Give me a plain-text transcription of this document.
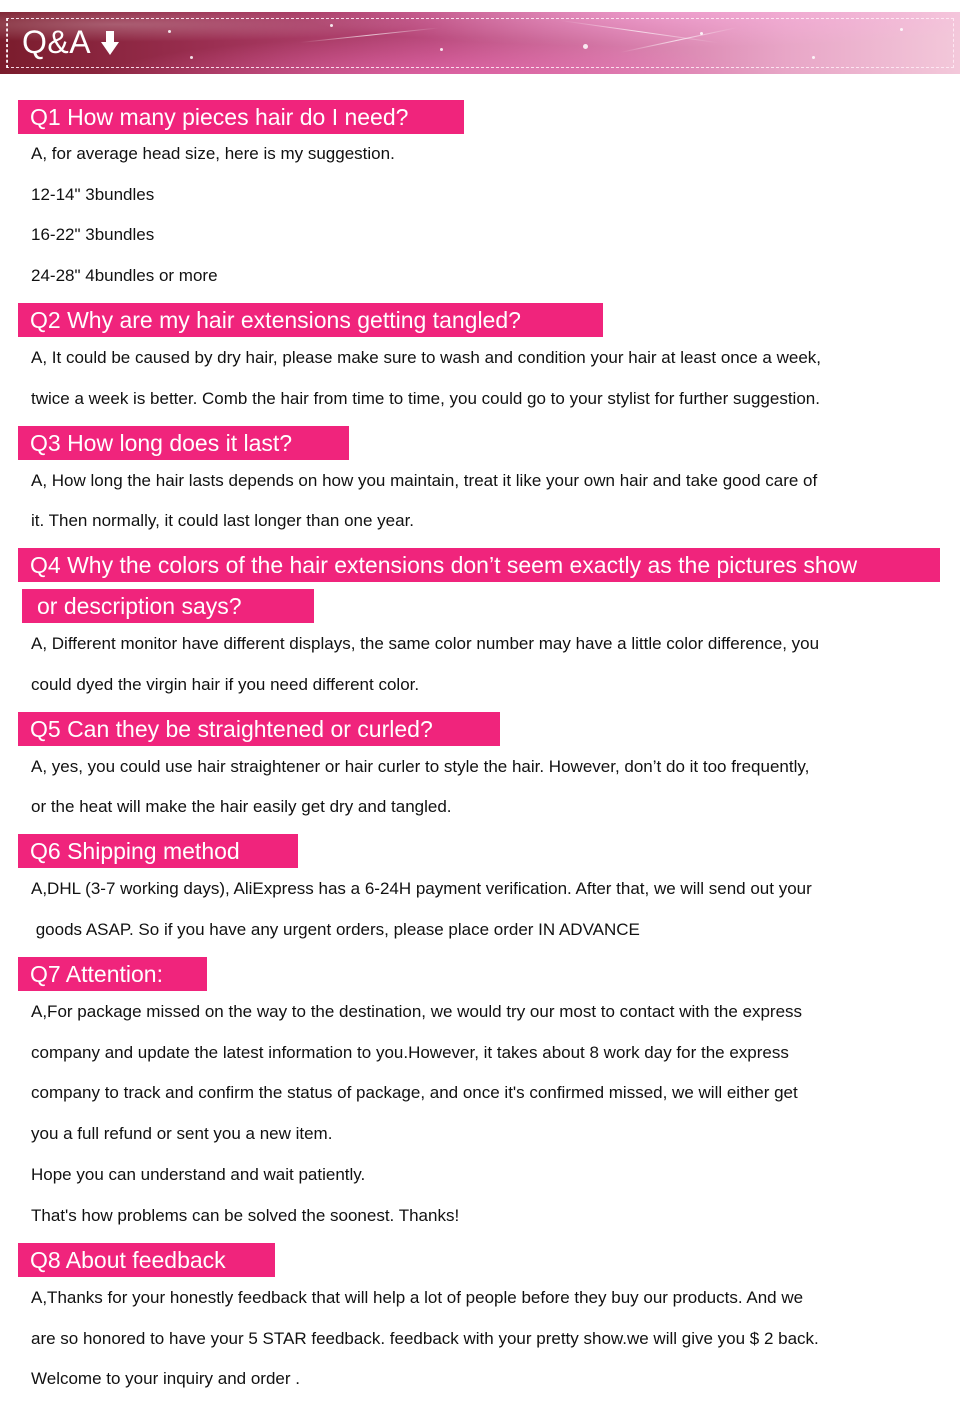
Q&A
Q1 How many pieces hair do I need?
A, for average head size, here is my suggestion.
12-14" 3bundles
16-22" 3bundles
24-28" 4bundles or more
Q2 Why are my hair extensions getting tangled?
A, It could be caused by dry hair, please make sure to wash and condition your hair at least once a week,
twice a week is better. Comb the hair from time to time, you could go to your stylist for further suggestion.
Q3 How long does it last?
A, How long the hair lasts depends on how you maintain, treat it like your own hair and take good care of
it. Then normally, it could last longer than one year.
Q4 Why the colors of the hair extensions don’t seem exactly as the pictures show
or description says?
A, Different monitor have different displays, the same color number may have a little color difference, you
could dyed the virgin hair if you need different color.
Q5 Can they be straightened or curled?
A, yes, you could use hair straightener or hair curler to style the hair. However, don’t do it too frequently,
or the heat will make the hair easily get dry and tangled.
Q6 Shipping method
A,DHL (3-7 working days), AliExpress has a 6-24H payment verification. After that, we will send out your
goods ASAP. So if you have any urgent orders, please place order IN ADVANCE
Q7 Attention:
A,For package missed on the way to the destination, we would try our most to contact with the express
company and update the latest information to you.However, it takes about 8 work day for the express
company to track and confirm the status of package, and once it's confirmed missed, we will either get
you a full refund or sent you a new item.
Hope you can understand and wait patiently.
That's how problems can be solved the soonest. Thanks!
Q8 About feedback
A,Thanks for your honestly feedback that will help a lot of people before they buy our products. And we
are so honored to have your 5 STAR feedback. feedback with your pretty show.we will give you $ 2 back.
Welcome to your inquiry and order .
